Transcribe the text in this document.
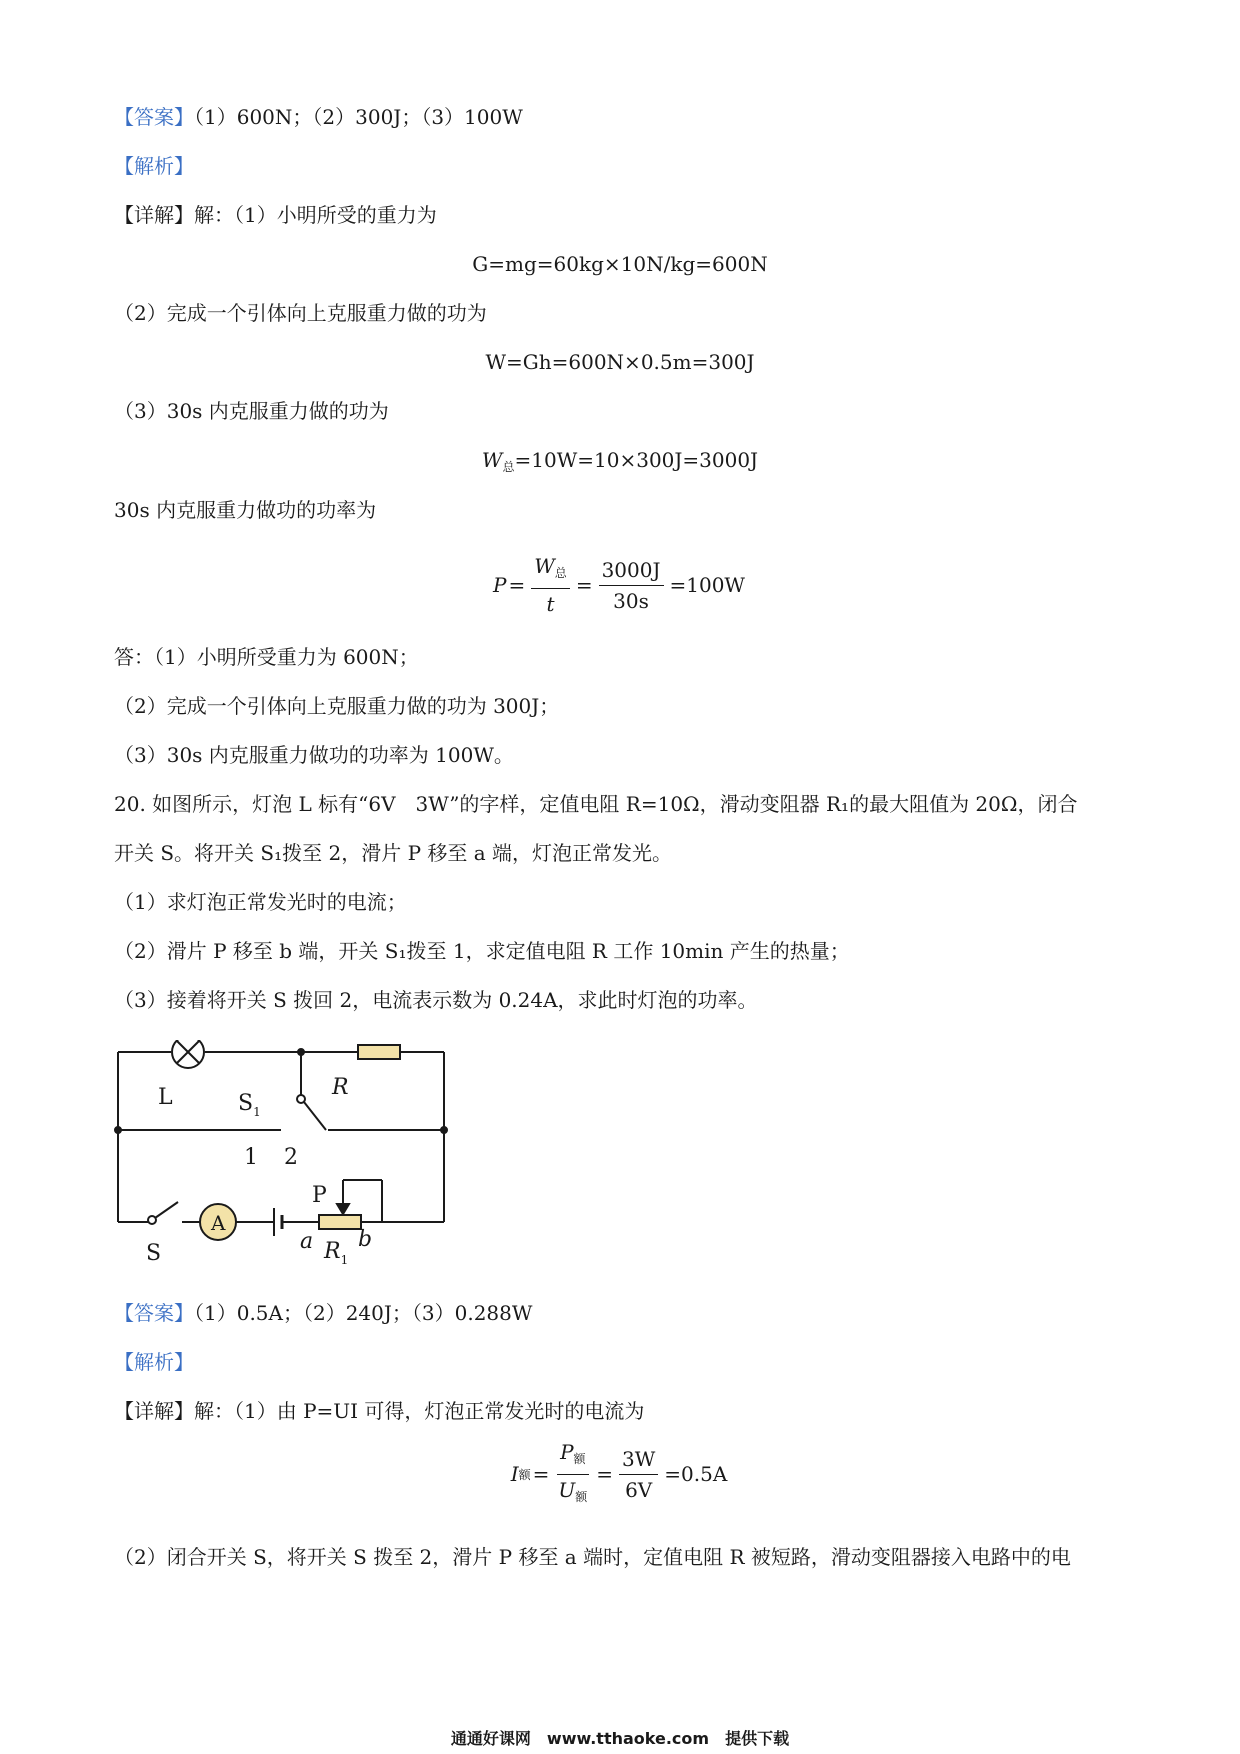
【答案】（1）600N；（2）300J；（3）100W
【解析】
【详解】解：（1）小明所受的重力为
G=mg=60kg×10N/kg=600N
（2）完成一个引体向上克服重力做的功为
W=Gh=600N×0.5m=300J
（3）30s 内克服重力做的功为
$W_总=10W=10\times 300J=3000J$
30s 内克服重力做功的功率为
$P = \frac{W_总}{t} = \frac{3000J}{30s} =100W$
答：（1）小明所受重力为 600N；
（2）完成一个引体向上克服重力做的功为 300J；
（3）30s 内克服重力做功的功率为 100W。
20. 如图所示，灯泡 L 标有“6V　3W”的字样，定值电阻 R=10Ω，滑动变阻器 R₁的最大阻值为 20Ω，闭合
开关 S。将开关 S₁拨至 2，滑片 P 移至 a 端，灯泡正常发光。
（1）求灯泡正常发光时的电流；
（2）滑片 P 移至 b 端，开关 S₁拨至 1，求定值电阻 R 工作 10min 产生的热量；
（3）接着将开关 S 拨回 2，电流表示数为 0.24A，求此时灯泡的功率。
L	R
$S_1$
1 2
P
S
A
a $R_1$
b
【答案】（1）0.5A；（2）240J；（3）0.288W
【解析】
【详解】解：（1）由 P=UI 可得，灯泡正常发光时的电流为
I 额 = $\frac{P_额}{U_额} = \frac{3W}{6V} =0.5A$
（2）闭合开关 S，将开关 S 拨至 2，滑片 P 移至 a 端时，定值电阻 R 被短路，滑动变阻器接入电路中的电
通通好课网　www.tthaoke.com　提供下载
